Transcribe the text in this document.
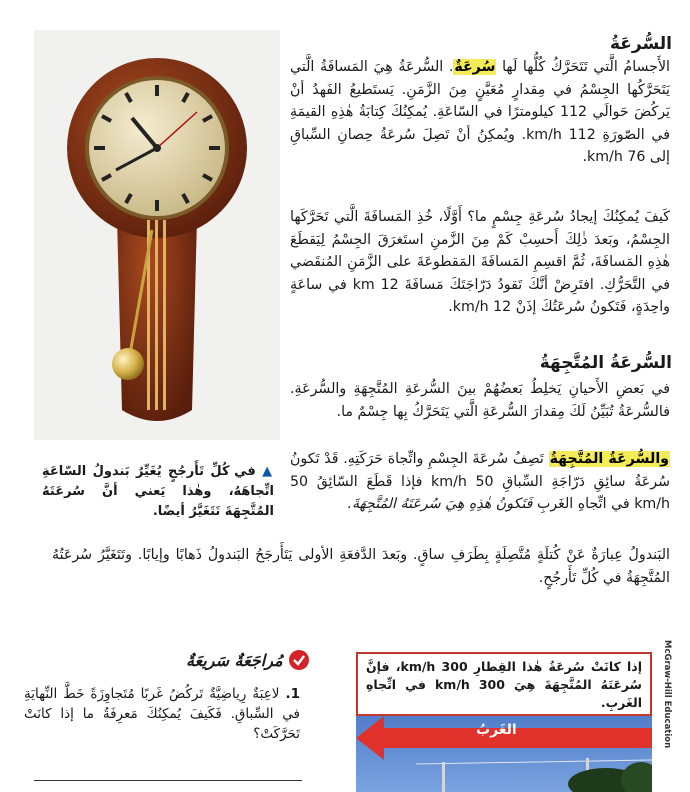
السُّرعَةُ

الأَجسامُ الَّتي تَتَحَرَّكُ كُلُّها لَها سُرعَةٌ. السُّرعَةُ هِيَ المَسافَةُ الَّتي يَتَحَرَّكُها الجِسْمُ في مِقدارٍ مُعَيَّنٍ مِنَ الزَّمَنِ. يَستَطيعُ الفَهدُ أنْ يَركُضَ حَوالَي 112 كيلومترًا في السّاعَةِ. يُمكِنُكَ كِتابَةُ هٰذِهِ القيمَةِ في الصّورَةِ 112 km/h. ويُمكِنُ أنْ تَصِلَ سُرعَةُ حِصانِ السِّباقِ إلى 76 km/h.

كَيفَ يُمكِنُكَ إيجادُ سُرعَةِ جِسْمٍ ما؟ أَوَّلًا، خُذِ المَسافَةَ الَّتي تَحَرَّكَها الجِسْمُ، وبَعدَ ذٰلِكَ أَحسِبْ كَمْ مِنَ الزَّمنِ استَغرَقَ الجِسْمُ لِيَقطَعَ هٰذِهِ المَسافَةَ، ثُمَّ اقسِمِ المَسافَةَ المَقطوعَةَ على الزَّمَنِ المُنقَضي في التَّحَرُّكِ. افتَرِضْ أنَّكَ تَقودُ دَرّاجَتَكَ مَسافَةَ 12 km في ساعَةٍ واحِدَةٍ، فَتَكونُ سُرعَتُكَ إذَنْ 12 km/h.

السُّرعَةُ المُتَّجِهَةُ

في بَعضِ الأَحيانِ يَخلِطُ بَعضُهُمْ بينَ السُّرعَةِ المُتَّجِهَةِ والسُّرعَةِ. فالسُّرعَةُ تُبَيِّنُ لَكَ مِقدارَ السُّرعَةِ الَّتي يَتَحَرَّكُ بِها جِسْمٌ ما.

والسُّرعَةُ المُتَّجِهَةُ تَصِفُ سُرعَةَ الجِسْمِ واتِّجاهَ حَرَكَتِهِ. قَدْ تَكونُ سُرعَةُ سائِقِ دَرّاجَةِ السِّباقِ 50 km/h فإذا قَطَعَ السّائِقُ 50 km/h في اتِّجاهِ الغَربِ فَتَكونُ هٰذِهِ هِيَ سُرعَتَهُ المُتَّجِهَةَ.

البَندولُ عِبارَةٌ عَنْ كُتلَةٍ مُتَّصِلَةٍ بِطَرَفِ ساقٍ. وبَعدَ الدَّفعَةِ الأولى يَتَأَرجَحُ البَندولُ ذَهابًا وإيابًا. وتَتَغَيَّرُ سُرعَتُهُ المُتَّجِهَةُ في كُلِّ تَأَرجُحٍ.

▲ في كُلِّ تَأَرجُحٍ يُغَيِّرُ بَندولُ السّاعَةِ اتِّجاهَهُ، وهٰذا يَعني أنَّ سُرعَتَهُ المُتَّجِهَةَ تَتَغَيَّرُ أيضًا.
مُراجَعَةٌ سَريعَةٌ
1. لاعِبَةٌ رِياضِيَّةٌ تَركُضُ غَربًا مُتَجاوِزَةً خَطَّ النِّهايَةِ في السِّباقِ. فَكَيفَ يُمكِنُكَ مَعرِفَةُ ما إذا كانَتْ تَحَرَّكَتْ؟
إذا كانَتْ سُرعَةُ هٰذا القِطارِ 300 km/h، فإنَّ سُرعَتَهُ المُتَّجِهَةَ هِيَ 300 km/h في اتِّجاهِ الغَربِ.
الغَربُ	McGraw-Hill Education
